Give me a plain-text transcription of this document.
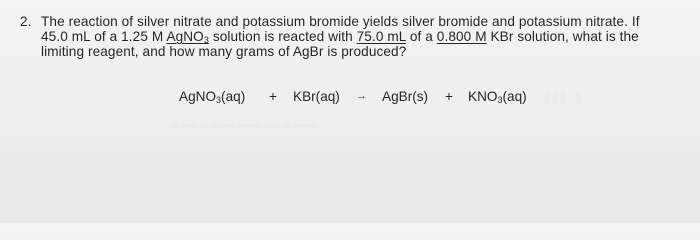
2. The reaction of silver nitrate and potassium bromide yields silver bromide and potassium nitrate. If
45.0 mL of a 1.25 M AgNO$_3$ solution is reacted with 75.0 mL of a 0.800 M KBr solution, what is the
limiting reagent, and how many grams of AgBr is produced?
AgNO$_3$(aq) + KBr(aq) → AgBr(s) + $KNO_3(aq)$ ( ( ( . )
~ ~~ ~ ~~~ ~~~ ~~ ~ ~~~
